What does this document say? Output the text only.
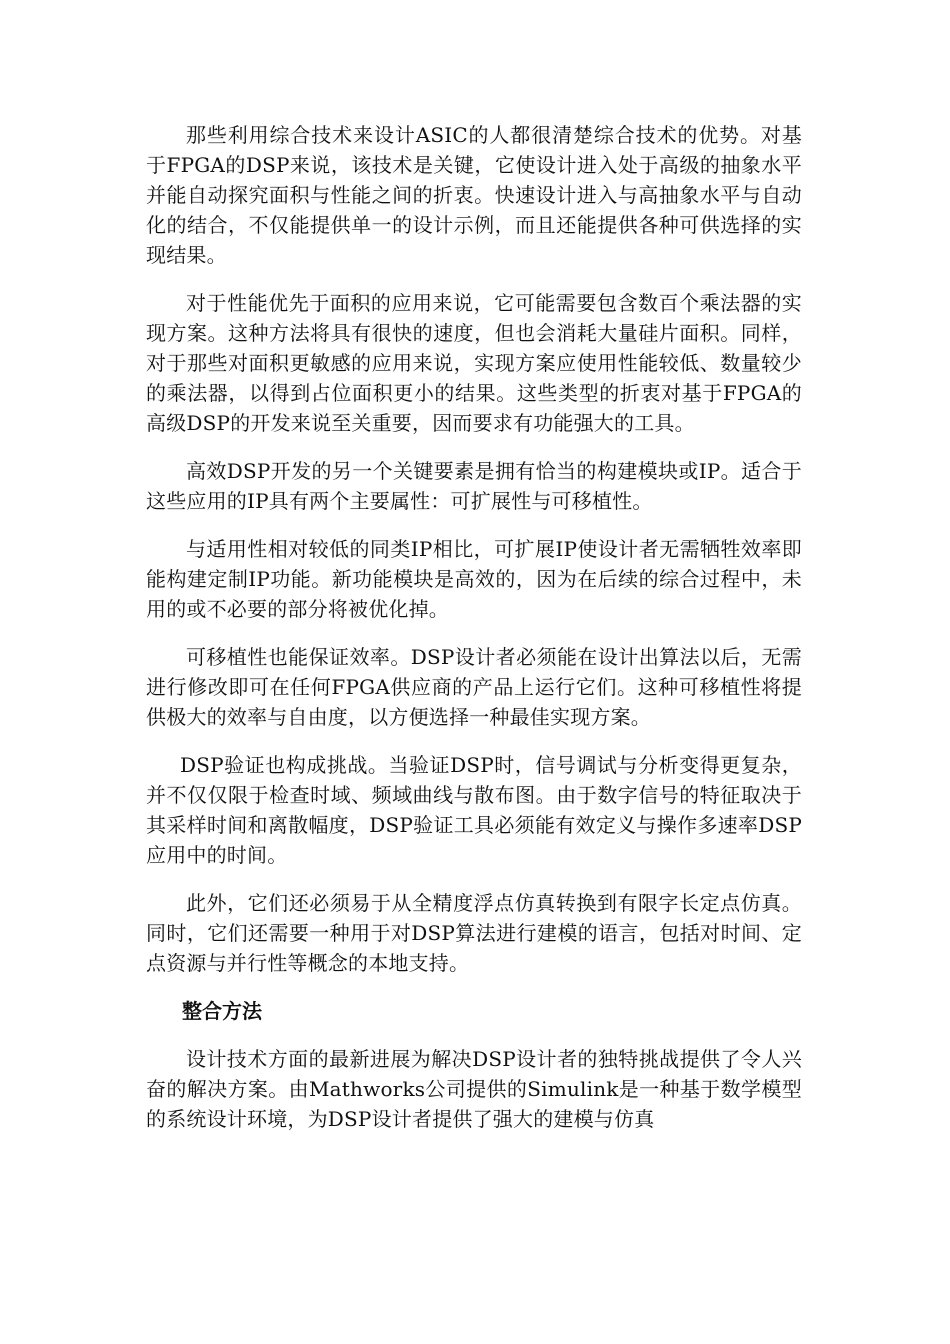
那些利用综合技术来设计ASIC的人都很清楚综合技术的优势。对基于FPGA的DSP来说，该技术是关键，它使设计进入处于高级的抽象水平并能自动探究面积与性能之间的折衷。快速设计进入与高抽象水平与自动化的结合，不仅能提供单一的设计示例，而且还能提供各种可供选择的实现结果。

对于性能优先于面积的应用来说，它可能需要包含数百个乘法器的实现方案。这种方法将具有很快的速度，但也会消耗大量硅片面积。同样，对于那些对面积更敏感的应用来说，实现方案应使用性能较低、数量较少的乘法器，以得到占位面积更小的结果。这些类型的折衷对基于FPGA的高级DSP的开发来说至关重要，因而要求有功能强大的工具。

高效DSP开发的另一个关键要素是拥有恰当的构建模块或IP。适合于这些应用的IP具有两个主要属性：可扩展性与可移植性。

与适用性相对较低的同类IP相比，可扩展IP使设计者无需牺牲效率即能构建定制IP功能。新功能模块是高效的，因为在后续的综合过程中，未用的或不必要的部分将被优化掉。

可移植性也能保证效率。DSP设计者必须能在设计出算法以后，无需进行修改即可在任何FPGA供应商的产品上运行它们。这种可移植性将提供极大的效率与自由度，以方便选择一种最佳实现方案。

DSP验证也构成挑战。当验证DSP时，信号调试与分析变得更复杂，并不仅仅限于检查时域、频域曲线与散布图。由于数字信号的特征取决于其采样时间和离散幅度，DSP验证工具必须能有效定义与操作多速率DSP应用中的时间。

此外，它们还必须易于从全精度浮点仿真转换到有限字长定点仿真。同时，它们还需要一种用于对DSP算法进行建模的语言，包括对时间、定点资源与并行性等概念的本地支持。

整合方法

设计技术方面的最新进展为解决DSP设计者的独特挑战提供了令人兴奋的解决方案。由Mathworks公司提供的Simulink是一种基于数学模型的系统设计环境，为DSP设计者提供了强大的建模与仿真
